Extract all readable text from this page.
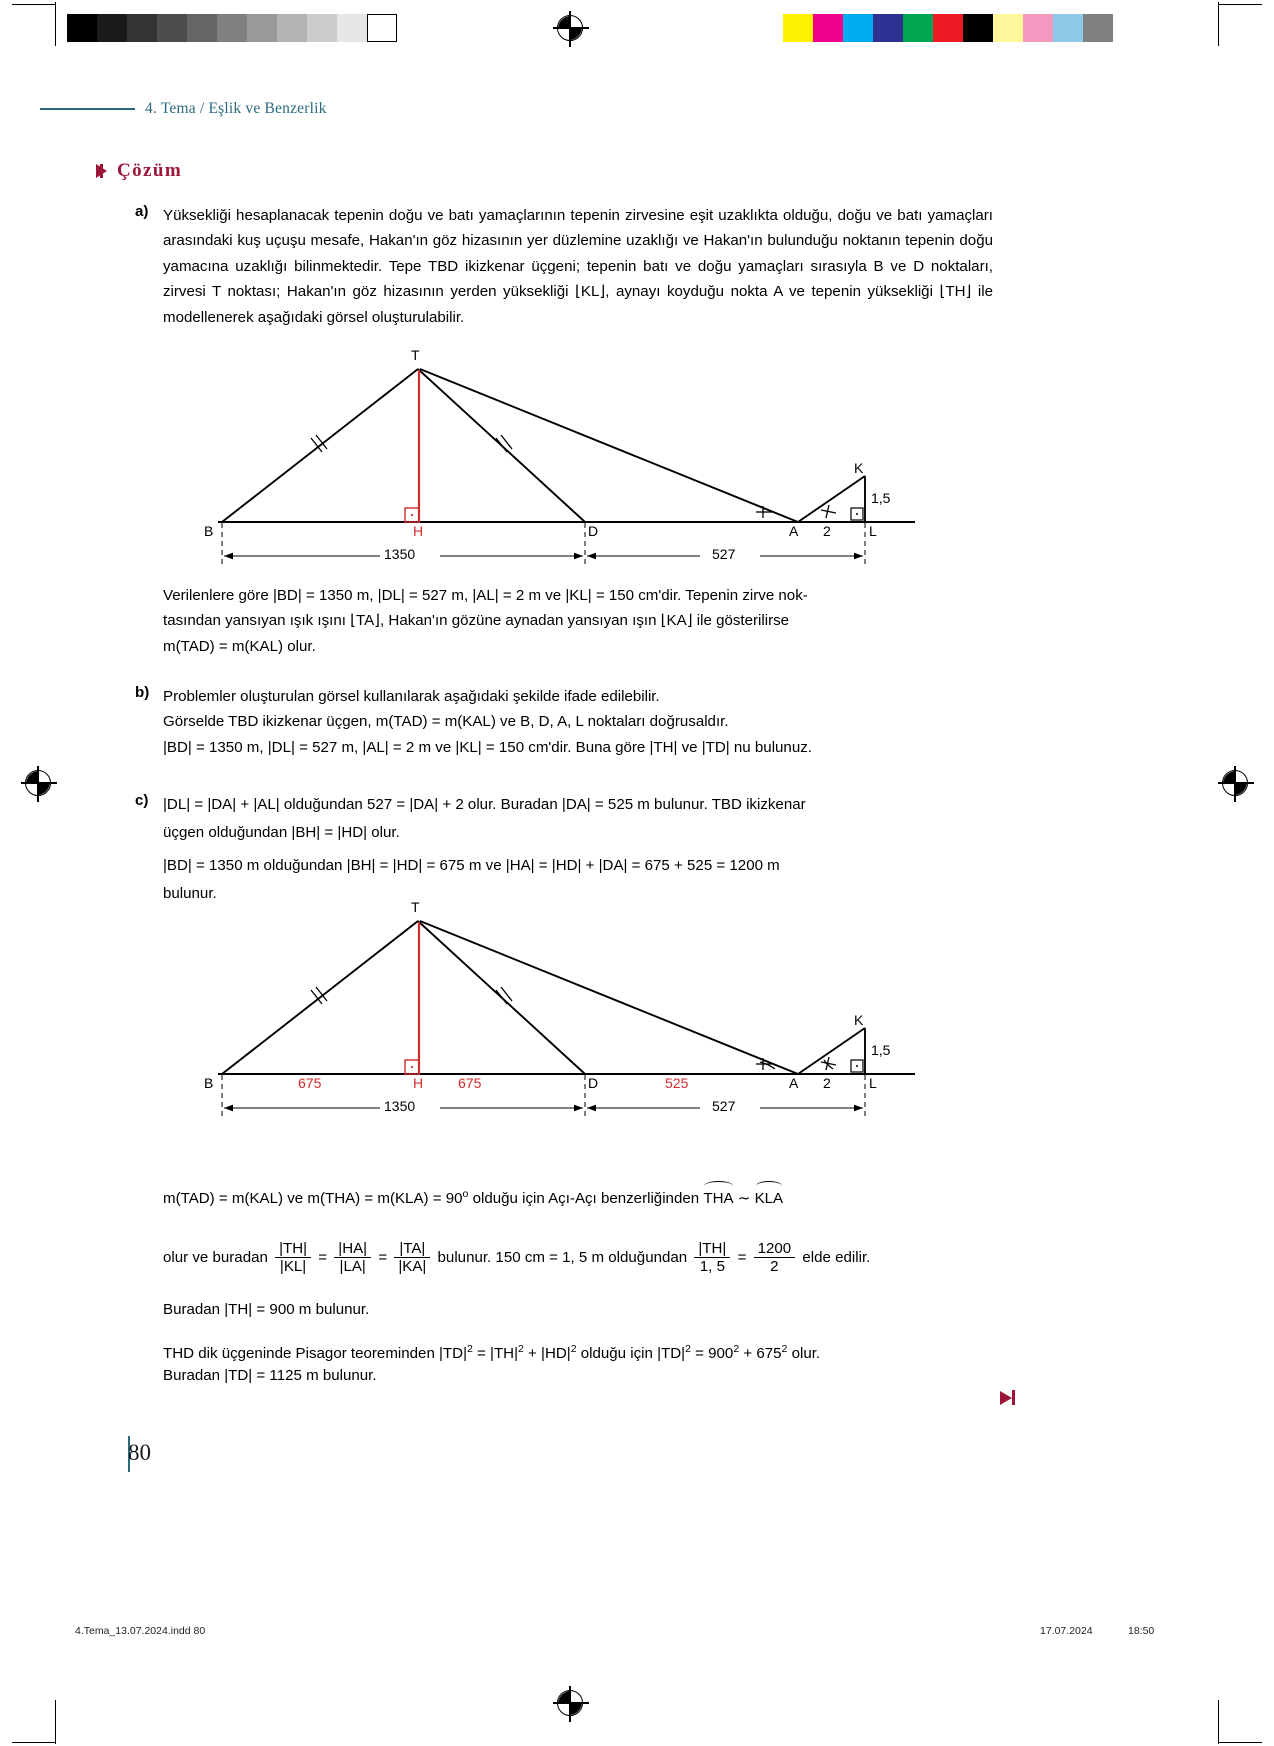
4. Tema / Eşlik ve Benzerlik
Çözüm
a) Yüksekliği hesaplanacak tepenin doğu ve batı yamaçlarının tepenin zirvesine eşit uzaklıkta olduğu, doğu ve batı yamaçları arasındaki kuş uçuşu mesafe, Hakan'ın göz hizasının yer düzlemine uzaklığı ve Hakan'ın bulunduğu noktanın tepenin doğu yamacına uzaklığı bilinmektedir. Tepe TBD ikizkenar üçgeni; tepenin batı ve doğu yamaçları sırasıyla B ve D noktaları, zirvesi T noktası; Hakan'ın göz hizasının yerden yüksekliği ⌊KL⌋, aynayı koyduğu nokta A ve tepenin yüksekliği ⌊TH⌋ ile modellenerek aşağıdaki görsel oluşturulabilir.
T
B	H	D	A	L
K
2
1,5
1350	527
Verilenlere göre |BD| = 1350 m, |DL| = 527 m, |AL| = 2 m ve |KL| = 150 cm'dir. Tepenin zirve nok-
tasından yansıyan ışık ışını ⌊TA⌋, Hakan'ın gözüne aynadan yansıyan ışın ⌊KA⌋ ile gösterilirse
m(TAD) = m(KAL) olur.
b) Problemler oluşturulan görsel kullanılarak aşağıdaki şekilde ifade edilebilir.
Görselde TBD ikizkenar üçgen, m(TAD) = m(KAL) ve B, D, A, L noktaları doğrusaldır.
|BD| = 1350 m, |DL| = 527 m, |AL| = 2 m ve |KL| = 150 cm'dir. Buna göre |TH| ve |TD| nu bulunuz.
c) |DL| = |DA| + |AL| olduğundan 527 = |DA| + 2 olur. Buradan |DA| = 525 m bulunur. TBD ikizkenar
üçgen olduğundan |BH| = |HD| olur.
|BD| = 1350 m olduğundan |BH| = |HD| = 675 m ve |HA| = |HD| + |DA| = 675 + 525 = 1200 m
bulunur.
T
B	H	D	A	L
K
2
1,5
675	675	525
1350	527
m(TAD) = m(KAL) ve $m(THA) = m(KLA) = 90^o$ olduğu için Açı-Açı benzerliğinden THA ∼ KLA
olur ve buradan $\frac{|TH|}{|KL|} = \frac{|HA|}{|LA|} = \frac{|TA|}{|KA|}$ bulunur. 150 cm = 1, 5 m olduğundan $\frac{|TH|}{1, 5} = \frac{1200}{2}$ elde edilir.
Buradan |TH| = 900 m bulunur.
THD dik üçgeninde Pisagor teoreminden $|TD|^2 = |TH|^2 + |HD|^2$ olduğu için $|TD|^2 = 900^2 + 675^2$ olur.
Buradan |TD| = 1125 m bulunur.
80
4.Tema_13.07.2024.indd 80	17.07.2024	18:50
